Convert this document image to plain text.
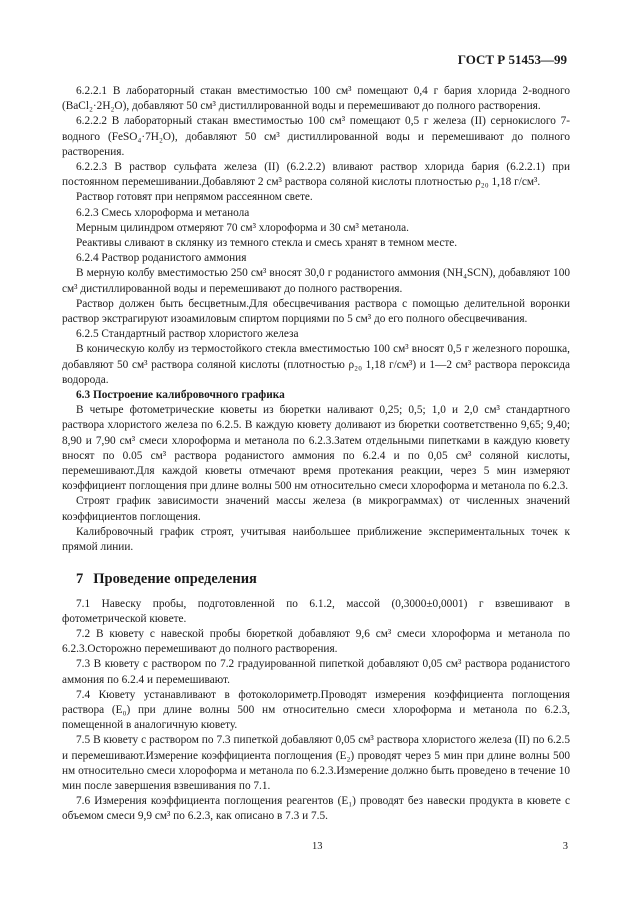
ГОСТ Р 51453—99

6.2.2.1 В лабораторный стакан вместимостью 100 см³ помещают 0,4 г бария хлорида 2-водного (BaCl₂·2H₂O), добавляют 50 см³ дистиллированной воды и перемешивают до полного растворения.

6.2.2.2 В лабораторный стакан вместимостью 100 см³ помещают 0,5 г железа (II) сернокислого 7-водного (FeSO₄·7H₂O), добавляют 50 см³ дистиллированной воды и перемешивают до полного растворения.

6.2.2.3 В раствор сульфата железа (II) (6.2.2.2) вливают раствор хлорида бария (6.2.2.1) при постоянном перемешивании.Добавляют 2 см³ раствора соляной кислоты плотностью ρ₂₀ 1,18 г/см³.

Раствор готовят при непрямом рассеянном свете.

6.2.3 Смесь хлороформа и метанола

Мерным цилиндром отмеряют 70 см³ хлороформа и 30 см³ метанола.

Реактивы сливают в склянку из темного стекла и смесь хранят в темном месте.

6.2.4 Раствор роданистого аммония

В мерную колбу вместимостью 250 см³ вносят 30,0 г роданистого аммония (NH₄SCN), добавляют 100 см³ дистиллированной воды и перемешивают до полного растворения.

Раствор должен быть бесцветным.Для обесцвечивания раствора с помощью делительной воронки раствор экстрагируют изоамиловым спиртом порциями по 5 см³ до его полного обесцвечивания.

6.2.5 Стандартный раствор хлористого железа

В коническую колбу из термостойкого стекла вместимостью 100 см³ вносят 0,5 г железного порошка, добавляют 50 см³ раствора соляной кислоты (плотностью ρ₂₀ 1,18 г/см³) и 1—2 см³ раствора пероксида водорода.

6.3 Построение калибровочного графика

В четыре фотометрические кюветы из бюретки наливают 0,25; 0,5; 1,0 и 2,0 см³ стандартного раствора хлористого железа по 6.2.5. В каждую кювету доливают из бюретки соответственно 9,65; 9,40; 8,90 и 7,90 см³ смеси хлороформа и метанола по 6.2.3.Затем отдельными пипетками в каждую кювету вносят по 0.05 см³ раствора роданистого аммония по 6.2.4 и по 0,05 см³ соляной кислоты, перемешивают.Для каждой кюветы отмечают время протекания реакции, через 5 мин измеряют коэффициент поглощения при длине волны 500 нм относительно смеси хлороформа и метанола по 6.2.3.

Строят график зависимости значений массы железа (в микрограммах) от численных значений коэффициентов поглощения.

Калибровочный график строят, учитывая наибольшее приближение экспериментальных точек к прямой линии.

7 Проведение определения

7.1 Навеску пробы, подготовленной по 6.1.2, массой (0,3000±0,0001) г взвешивают в фотометрической кювете.

7.2 В кювету с навеской пробы бюреткой добавляют 9,6 см³ смеси хлороформа и метанола по 6.2.3.Осторожно перемешивают до полного растворения.

7.3 В кювету с раствором по 7.2 градуированной пипеткой добавляют 0,05 см³ раствора роданистого аммония по 6.2.4 и перемешивают.

7.4 Кювету устанавливают в фотоколориметр.Проводят измерения коэффициента поглощения раствора (E₀) при длине волны 500 нм относительно смеси хлороформа и метанола по 6.2.3, помещенной в аналогичную кювету.

7.5 В кювету с раствором по 7.3 пипеткой добавляют 0,05 см³ раствора хлористого железа (II) по 6.2.5 и перемешивают.Измерение коэффициента поглощения (E₂) проводят через 5 мин при длине волны 500 нм относительно смеси хлороформа и метанола по 6.2.3.Измерение должно быть проведено в течение 10 мин после завершения взвешивания по 7.1.

7.6 Измерения коэффициента поглощения реагентов (E₁) проводят без навески продукта в кювете с объемом смеси 9,9 см³ по 6.2.3, как описано в 7.3 и 7.5.

13	3
